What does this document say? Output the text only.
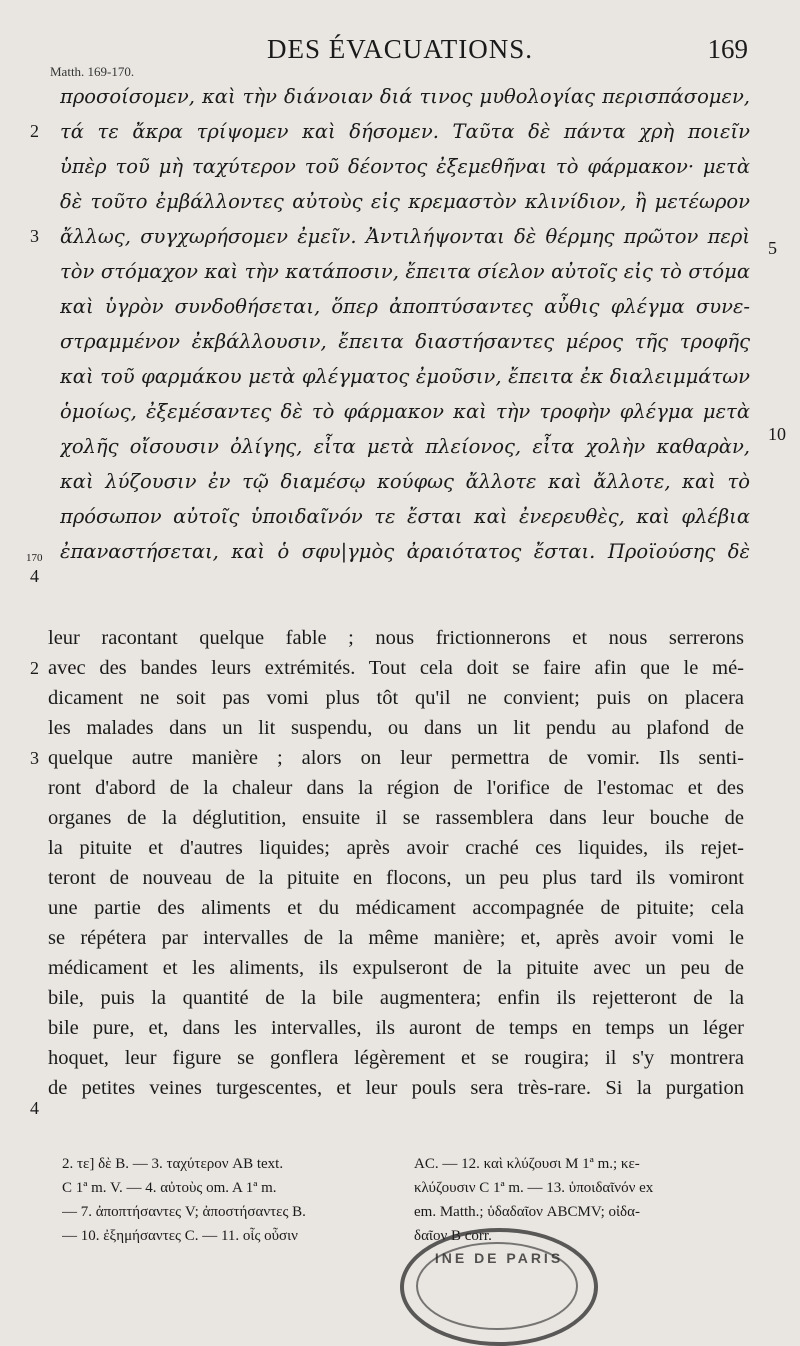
DES ÉVACUATIONS.	169
Matth. 169-170.
προσοίσομεν, καὶ τὴν διάνοιαν διά τινος μυθολογίας περισπάσομεν,
τά τε ἄκρα τρίψομεν καὶ δήσομεν. Ταῦτα δὲ πάντα χρὴ ποιεῖν
ὑπὲρ τοῦ μὴ ταχύτερον τοῦ δέοντος ἐξεμεθῆναι τὸ φάρμακον· μετὰ
δὲ τοῦτο ἐμβάλλοντες αὐτοὺς εἰς κρεμαστὸν κλινίδιον, ἢ μετέωρον
ἄλλως, συγχωρήσομεν ἐμεῖν. Ἀντιλήψονται δὲ θέρμης πρῶτον περὶ
τὸν στόμαχον καὶ τὴν κατάποσιν, ἔπειτα σίελον αὐτοῖς εἰς τὸ στόμα
καὶ ὑγρὸν συνδοθήσεται, ὅπερ ἀποπτύσαντες αὖθις φλέγμα συνε-
στραμμένον ἐκβάλλουσιν, ἔπειτα διαστήσαντες μέρος τῆς τροφῆς
καὶ τοῦ φαρμάκου μετὰ φλέγματος ἐμοῦσιν, ἔπειτα ἐκ διαλειμμάτων
ὁμοίως, ἐξεμέσαντες δὲ τὸ φάρμακον καὶ τὴν τροφὴν φλέγμα μετὰ
χολῆς οἴσουσιν ὀλίγης, εἶτα μετὰ πλείονος, εἶτα χολὴν καθαρὰν,
καὶ λύζουσιν ἐν τῷ διαμέσῳ κούφως ἄλλοτε καὶ ἄλλοτε, καὶ τὸ
πρόσωπον αὐτοῖς ὑποιδαῖνόν τε ἔσται καὶ ἐνερευθὲς, καὶ φλέβια
ἐπαναστήσεται, καὶ ὁ σφυ|γμὸς ἀραιότατος ἔσται. Προϊούσης δὲ
2
3
170
4
5
10
leur racontant quelque fable ; nous frictionnerons et nous serrerons
avec des bandes leurs extrémités. Tout cela doit se faire afin que le mé-
dicament ne soit pas vomi plus tôt qu'il ne convient; puis on placera
les malades dans un lit suspendu, ou dans un lit pendu au plafond de
quelque autre manière ; alors on leur permettra de vomir. Ils senti-
ront d'abord de la chaleur dans la région de l'orifice de l'estomac et des
organes de la déglutition, ensuite il se rassemblera dans leur bouche de
la pituite et d'autres liquides; après avoir craché ces liquides, ils rejet-
teront de nouveau de la pituite en flocons, un peu plus tard ils vomiront
une partie des aliments et du médicament accompagnée de pituite; cela
se répétera par intervalles de la même manière; et, après avoir vomi le
médicament et les aliments, ils expulseront de la pituite avec un peu de
bile, puis la quantité de la bile augmentera; enfin ils rejetteront de la
bile pure, et, dans les intervalles, ils auront de temps en temps un léger
hoquet, leur figure se gonflera légèrement et se rougira; il s'y montrera
de petites veines turgescentes, et leur pouls sera très-rare. Si la purgation
2
3
4
2. τε] δὲ B. — 3. ταχύτερον AB text.
C 1ª m. V. — 4. αὐτοὺς om. A 1ª m.
— 7. ἀποπτήσαντες V; ἀποστήσαντες B.
— 10. ἐξημήσαντες C. — 11. οἷς οὖσιν
AC. — 12. καὶ κλύζουσι M 1ª m.; κε-
κλύζουσιν C 1ª m. — 13. ὑποιδαῖνόν ex
em. Matth.; ὑδαδαῖον ABCMV; οἰδα-
δαῖον B corr.
INE DE PARIS
